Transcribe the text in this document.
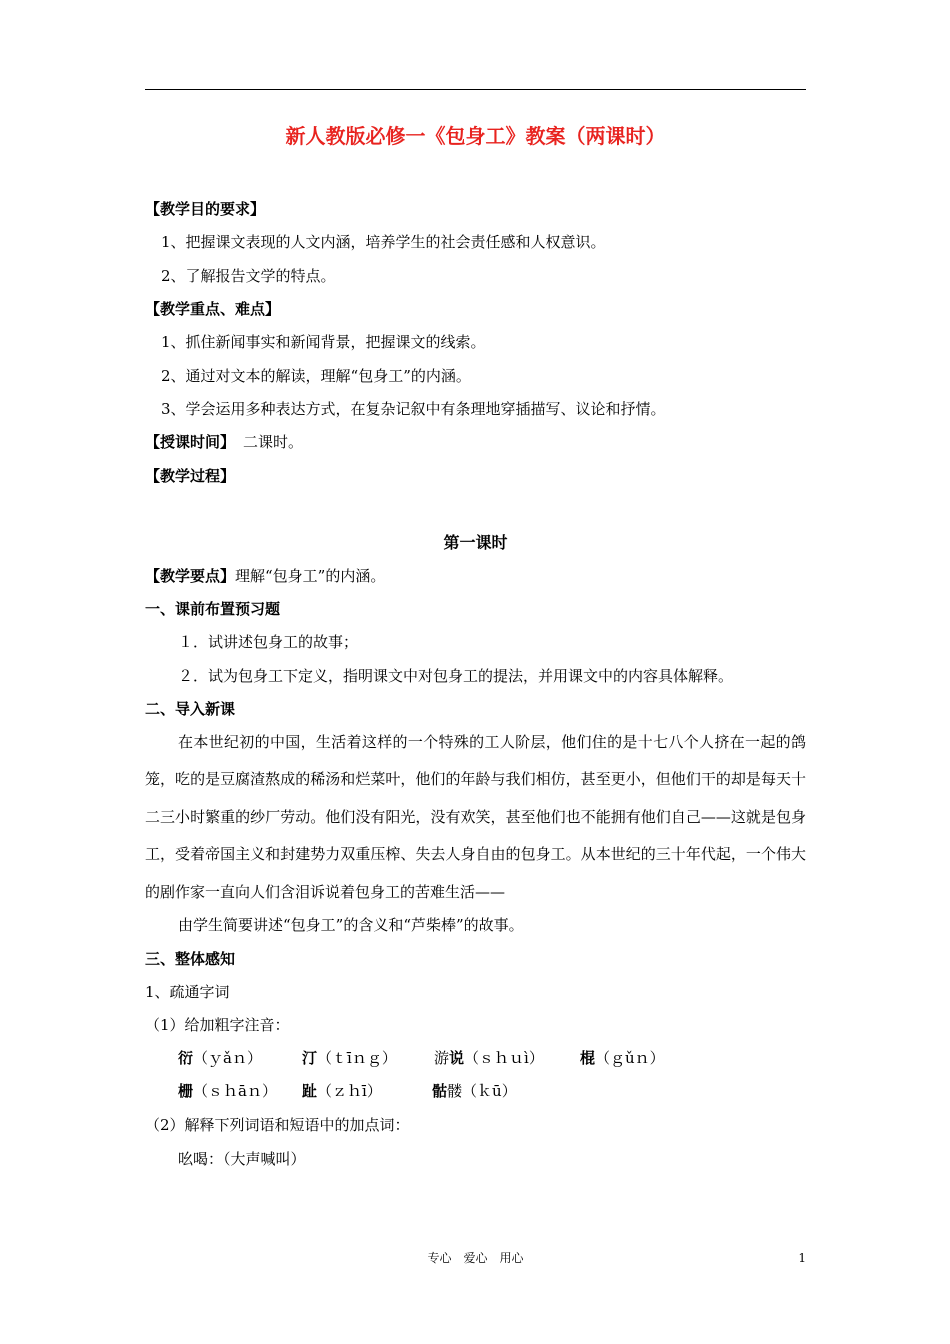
新人教版必修一《包身工》教案（两课时）
【教学目的要求】
1、把握课文表现的人文内涵，培养学生的社会责任感和人权意识。
2、了解报告文学的特点。
【教学重点、难点】
1、抓住新闻事实和新闻背景，把握课文的线索。
2、通过对文本的解读，理解“包身工”的内涵。
3、学会运用多种表达方式，在复杂记叙中有条理地穿插描写、议论和抒情。
【授课时间】 二课时。
【教学过程】
第一课时
【教学要点】理解“包身工”的内涵。
一、课前布置预习题
１．试讲述包身工的故事；
２．试为包身工下定义，指明课文中对包身工的提法，并用课文中的内容具体解释。
二、导入新课
在本世纪初的中国，生活着这样的一个特殊的工人阶层，他们住的是十七八个人挤在一起的鸽笼，吃的是豆腐渣熬成的稀汤和烂菜叶，他们的年龄与我们相仿，甚至更小，但他们干的却是每天十二三小时繁重的纱厂劳动。他们没有阳光，没有欢笑，甚至他们也不能拥有他们自己——这就是包身工，受着帝国主义和封建势力双重压榨、失去人身自由的包身工。从本世纪的三十年代起，一个伟大的剧作家一直向人们含泪诉说着包身工的苦难生活——
由学生简要讲述“包身工”的含义和“芦柴棒”的故事。
三、整体感知
1、疏通字词
（1）给加粗字注音：
衍（ｙǎｎ）	汀（ｔīｎｇ） 游说（ｓｈｕì） 棍（ｇǔｎ）
栅（ｓｈāｎ） 趾（ｚｈī）	骷髅（ｋū）
（2）解释下列词语和短语中的加点词：
吆喝：（大声喊叫）
专心　爱心　用心	1
